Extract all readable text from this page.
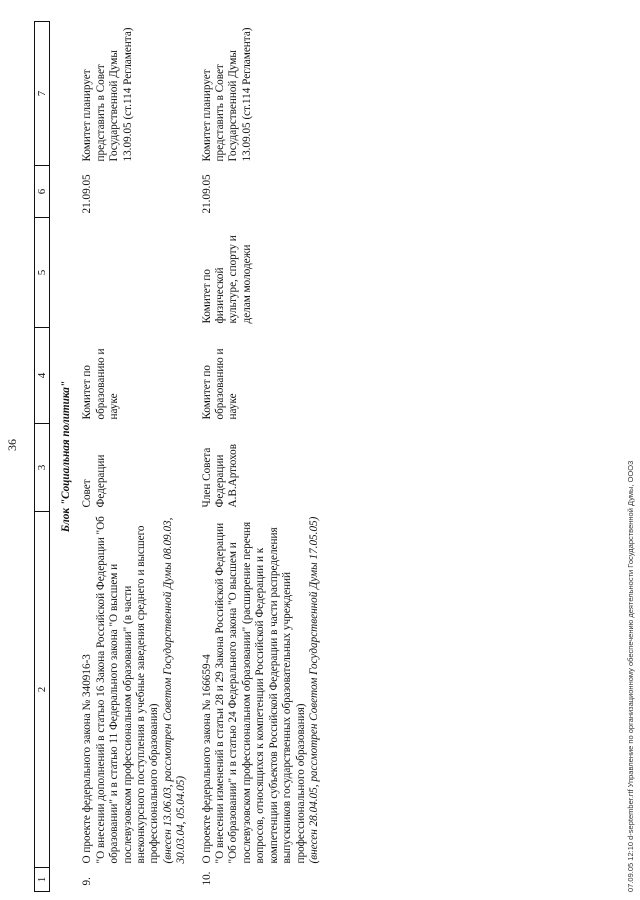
36
1	2	3	4	5	6	7
Блок "Социальная политика"						
9.	О проекте федерального закона № 340916-3 "О внесении дополнений в статью 16 Закона Российской Федерации "Об образовании" и в статью 11 Федерального закона "О высшем и послевузовском профессиональном образовании" (в части внеконкурсного поступления в учебные заведения среднего и высшего профессионального образования) (внесен 13.06.03, рассмотрен Советом Государственной Думы 08.09.03, 30.03.04, 05.04.05)	Совет Федерации	Комитет по образованию и науке		21.09.05	Комитет планирует представить в Совет Государственной Думы 13.09.05 (ст.114 Регламента)

10.	О проекте федерального закона № 166659-4 "О внесении изменений в статьи 28 и 29 Закона Российской Федерации "Об образовании" и в статью 24 Федерального закона "О высшем и послевузовском профессиональном образовании" (расширение перечня вопросов, относящихся к компетенции Российской Федерации и к компетенции субъектов Российской Федерации в части распределения выпускников государственных образовательных учреждений профессионального образования) (внесен 28.04.05, рассмотрен Советом Государственной Думы 17.05.05)	Член Совета Федерации А.В.Артюхов	Комитет по образованию и науке	Комитет по физической культуре, спорту и делам молодежи	21.09.05	Комитет планирует представить в Совет Государственной Думы 13.09.05 (ст.114 Регламента)
07.09.05 12:10 d-september.rtf Управление по организационному обеспечению деятельности Государственной Думы, ООО3
